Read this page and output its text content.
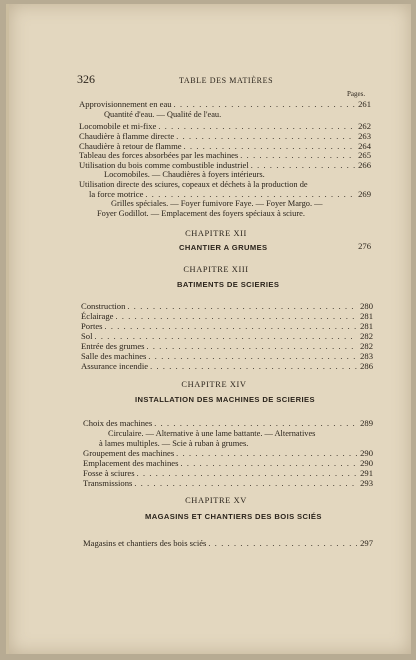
326	TABLE DES MATIÈRES
Pages.
Approvisionnement en eau . . .	261
Quantité d'eau. — Qualité de l'eau.
Locomobile et mi-fixe . . .	262
Chaudière à flamme directe . . .	263
Chaudière à retour de flamme . . .	264
Tableau des forces absorbées par les machines . . .	265
Utilisation du bois comme combustible industriel . . .	266
Locomobiles. — Chaudières à foyers intérieurs.
Utilisation directe des sciures, copeaux et déchets à la production de
la force motrice . . .	269
Grilles spéciales. — Foyer fumivore Faye. — Foyer Margo. —
Foyer Godillot. — Emplacement des foyers spéciaux à sciure.
CHAPITRE XII
CHANTIER A GRUMES	276
CHAPITRE XIII
BATIMENTS DE SCIERIES
Construction . . .	280
Éclairage . . .	281
Portes . . .	281
Sol . . .	282
Entrée des grumes . . .	282
Salle des machines . . .	283
Assurance incendie . . .	286
CHAPITRE XIV
INSTALLATION DES MACHINES DE SCIERIES
Choix des machines . . .	289
Circulaire. — Alternative à une lame battante. — Alternatives
à lames multiples. — Scie à ruban à grumes.
Groupement des machines . . .	290
Emplacement des machines . . .	290
Fosse à sciures . . .	291
Transmissions . . .	293
CHAPITRE XV
MAGASINS ET CHANTIERS DES BOIS SCIÉS
Magasins et chantiers des bois sciés . . .	297
